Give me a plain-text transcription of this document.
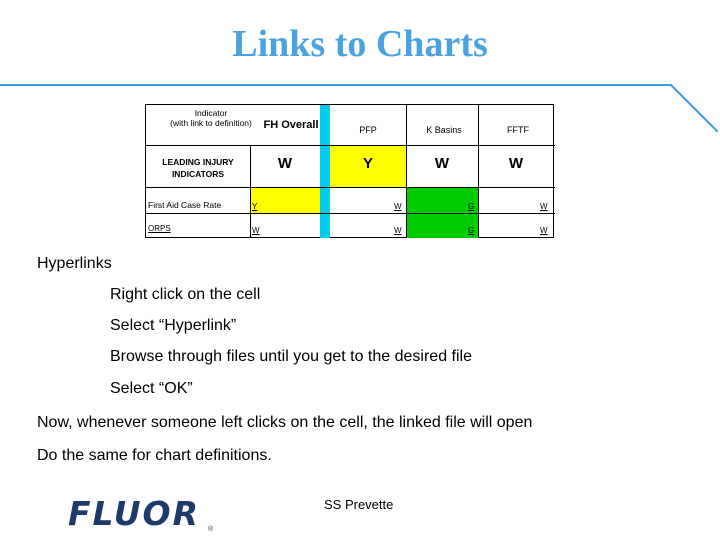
Links to Charts
Indicator
(with link to definition)	FH Overall	PFP	K Basins	FFTF
LEADING INJURY
INDICATORS
W	Y	W	W
First Aid Case Rate	Y	W	G	W
ORPS	W	W	G	W
Hyperlinks
Right click on the cell
Select “Hyperlink”
Browse through files until you get to the desired file
Select “OK”
Now, whenever someone left clicks on the cell, the linked file will open
Do the same for chart definitions.
FLUOR ®
SS Prevette
